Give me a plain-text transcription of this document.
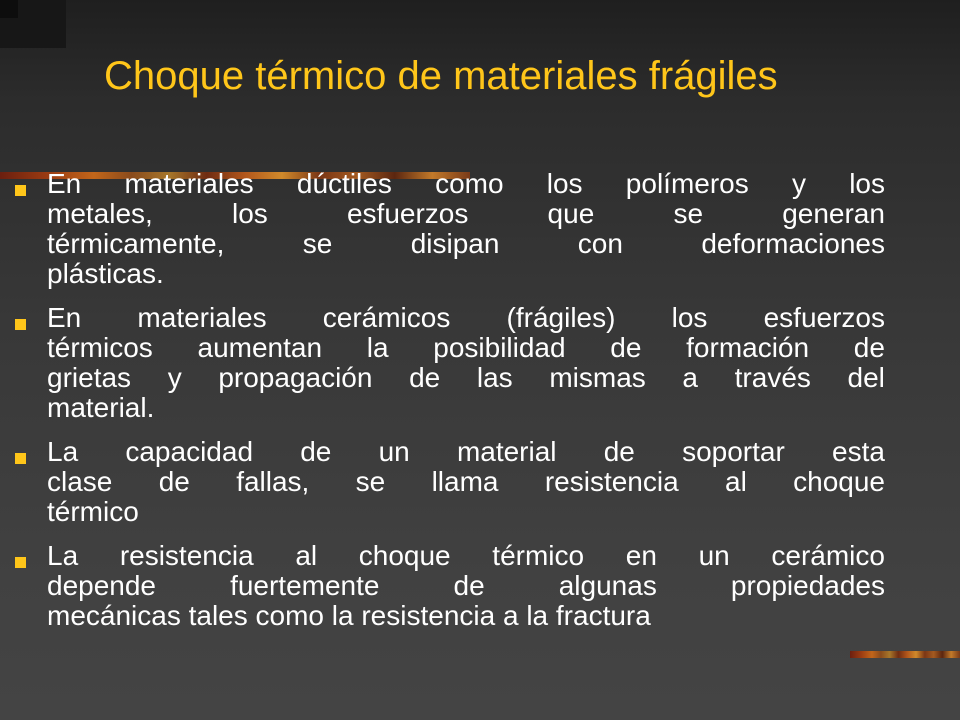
Choque térmico de materiales frágiles
En materiales dúctiles como los polímeros y los
metales,	los	esfuerzos	que	se	generan
térmicamente,	se	disipan	con	deformaciones
plásticas.
En materiales cerámicos (frágiles) los esfuerzos
térmicos aumentan la posibilidad de formación de
grietas y propagación de las mismas a través del
material.
La capacidad de un material de soportar esta
clase de fallas, se llama resistencia al choque
térmico
La resistencia al choque térmico en un cerámico
depende	fuertemente	de	algunas	propiedades
mecánicas tales como la resistencia a la fractura
